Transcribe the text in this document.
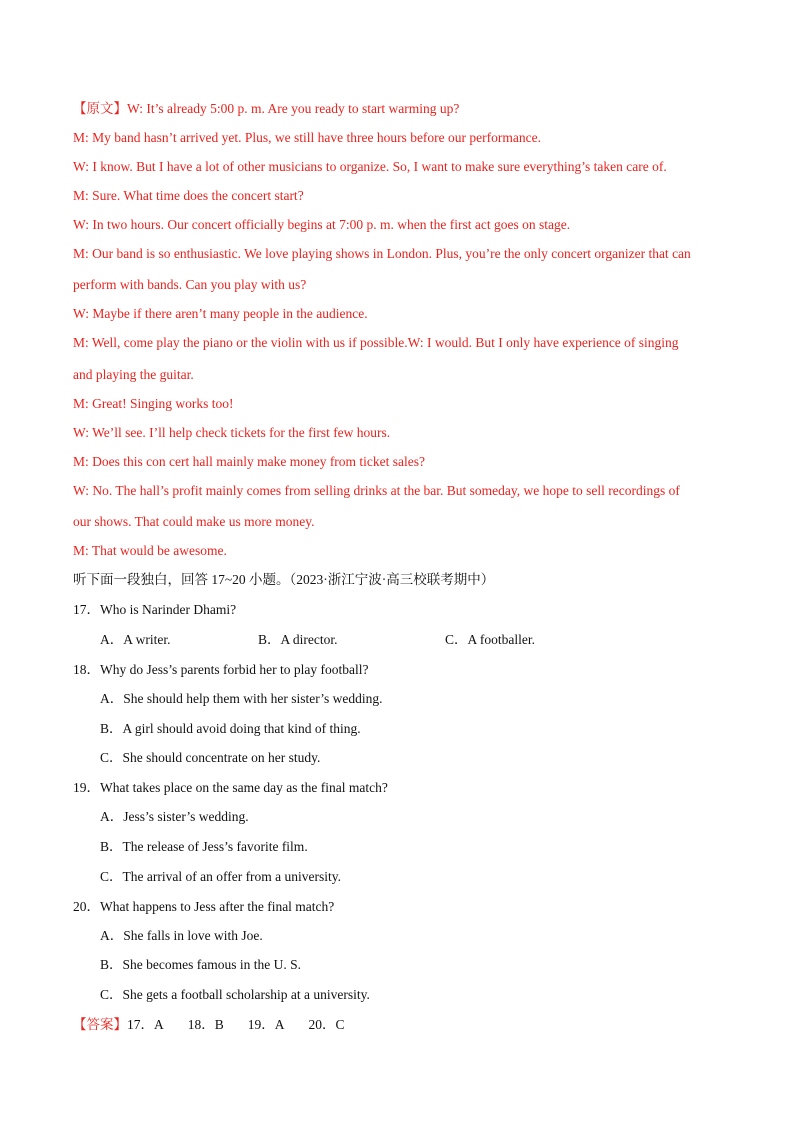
【原文】W: It’s already 5:00 p. m. Are you ready to start warming up?
M: My band hasn’t arrived yet. Plus, we still have three hours before our performance.
W: I know. But I have a lot of other musicians to organize. So, I want to make sure everything’s taken care of.
M: Sure. What time does the concert start?
W: In two hours. Our concert officially begins at 7:00 p. m. when the first act goes on stage.
M: Our band is so enthusiastic. We love playing shows in London. Plus, you’re the only concert organizer that can
perform with bands. Can you play with us?
W: Maybe if there aren’t many people in the audience.
M: Well, come play the piano or the violin with us if possible.W: I would. But I only have experience of singing
and playing the guitar.
M: Great! Singing works too!
W: We’ll see. I’ll help check tickets for the first few hours.
M: Does this con cert hall mainly make money from ticket sales?
W: No. The hall’s profit mainly comes from selling drinks at the bar. But someday, we hope to sell recordings of
our shows. That could make us more money.
M: That would be awesome.
听下面一段独白，回答 17~20 小题。（2023·浙江宁波·高三校联考期中）
17．Who is Narinder Dhami?
A．A writer.	B．A director.	C．A footballer.
18．Why do Jess’s parents forbid her to play football?
A．She should help them with her sister’s wedding.
B．A girl should avoid doing that kind of thing.
C．She should concentrate on her study.
19．What takes place on the same day as the final match?
A．Jess’s sister’s wedding.
B．The release of Jess’s favorite film.
C．The arrival of an offer from a university.
20．What happens to Jess after the final match?
A．She falls in love with Joe.
B．She becomes famous in the U. S.
C．She gets a football scholarship at a university.
【答案】17．A 18．B 19．A 20．C
